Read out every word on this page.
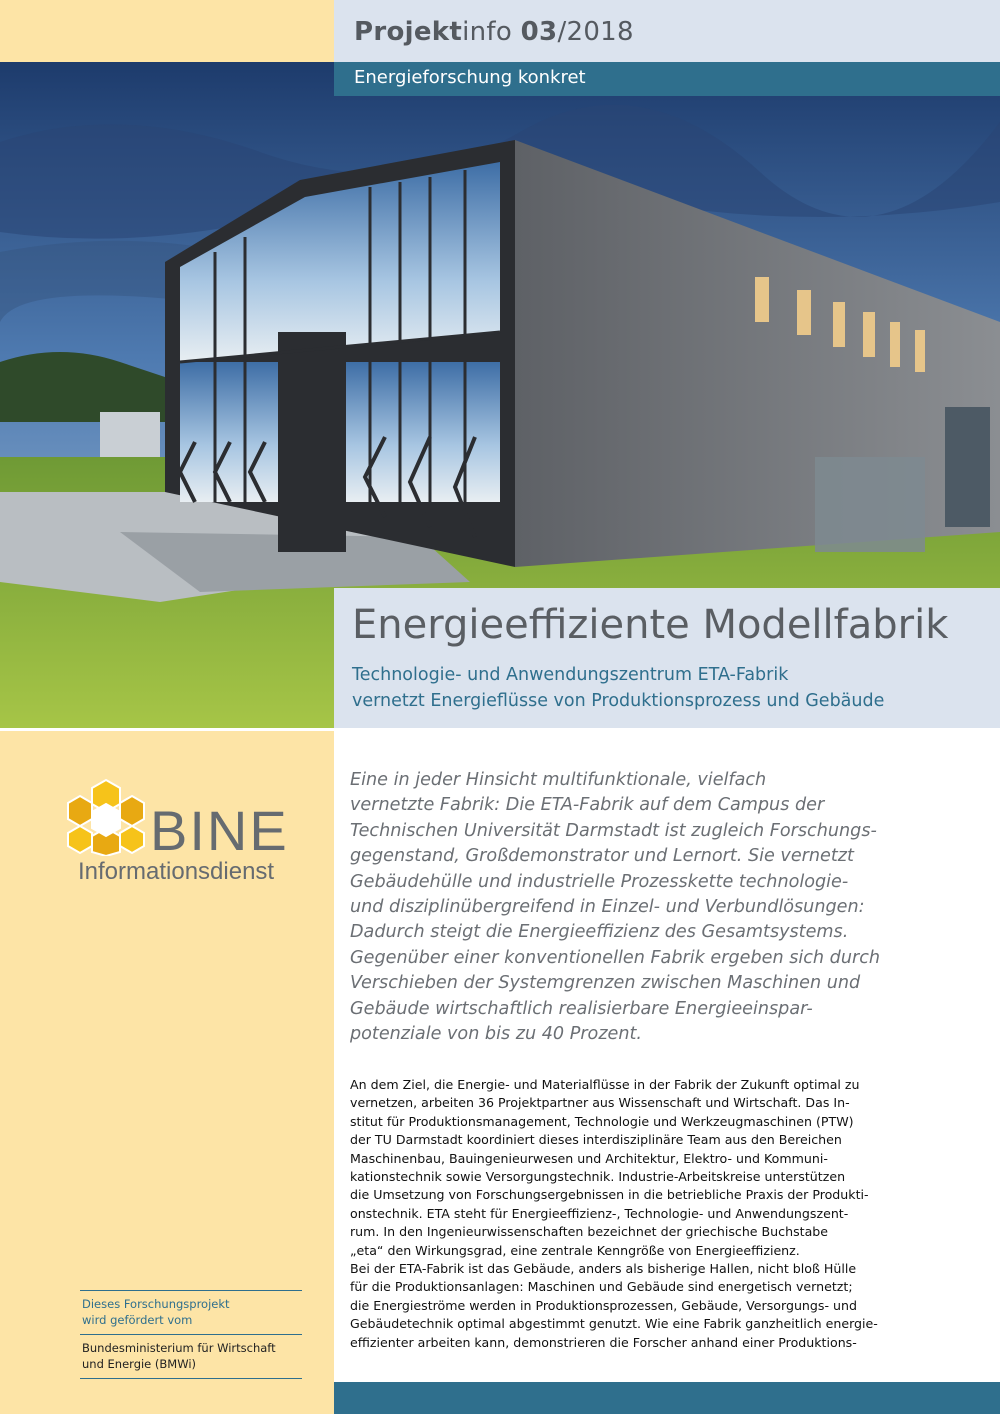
Projektinfo 03/2018
Energieforschung konkret
Energieeffiziente Modellfabrik
Technologie- und Anwendungszentrum ETA-Fabrik
vernetzt Energieflüsse von Produktionsprozess und Gebäude
BINE
Informationsdienst

Eine in jeder Hinsicht multifunktionale, vielfach

vernetzte Fabrik: Die ETA-Fabrik auf dem Campus der

Technischen Universität Darmstadt ist zugleich Forschungs-

gegenstand, Großdemonstrator und Lernort. Sie vernetzt

Gebäudehülle und industrielle Prozesskette technologie-

und disziplinübergreifend in Einzel- und Verbundlösungen:

Dadurch steigt die Energieeffizienz des Gesamtsystems.

Gegenüber einer konventionellen Fabrik ergeben sich durch

Verschieben der Systemgrenzen zwischen Maschinen und

Gebäude wirtschaftlich realisierbare Energieeinspar-

potenziale von bis zu 40 Prozent.

An dem Ziel, die Energie- und Materialflüsse in der Fabrik der Zukunft optimal zu

vernetzen, arbeiten 36 Projektpartner aus Wissenschaft und Wirtschaft. Das In-

stitut für Produktionsmanagement, Technologie und Werkzeugmaschinen (PTW)

der TU Darmstadt koordiniert dieses interdisziplinäre Team aus den Bereichen

Maschinenbau, Bauingenieurwesen und Architektur, Elektro- und Kommuni-

kationstechnik sowie Versorgungstechnik. Industrie-Arbeitskreise unterstützen

die Umsetzung von Forschungsergebnissen in die betriebliche Praxis der Produkti-

onstechnik. ETA steht für Energieeffizienz-, Technologie- und Anwendungszent-

rum. In den Ingenieurwissenschaften bezeichnet der griechische Buchstabe

„eta“ den Wirkungsgrad, eine zentrale Kenngröße von Energieeffizienz.

Bei der ETA-Fabrik ist das Gebäude, anders als bisherige Hallen, nicht bloß Hülle

für die Produktionsanlagen: Maschinen und Gebäude sind energetisch vernetzt;

die Energieströme werden in Produktionsprozessen, Gebäude, Versorgungs- und

Gebäudetechnik optimal abgestimmt genutzt. Wie eine Fabrik ganzheitlich energie-

effizienter arbeiten kann, demonstrieren die Forscher anhand einer Produktions-

Dieses Forschungsprojekt
wird gefördert vom
Bundesministerium für Wirtschaft
und Energie (BMWi)
